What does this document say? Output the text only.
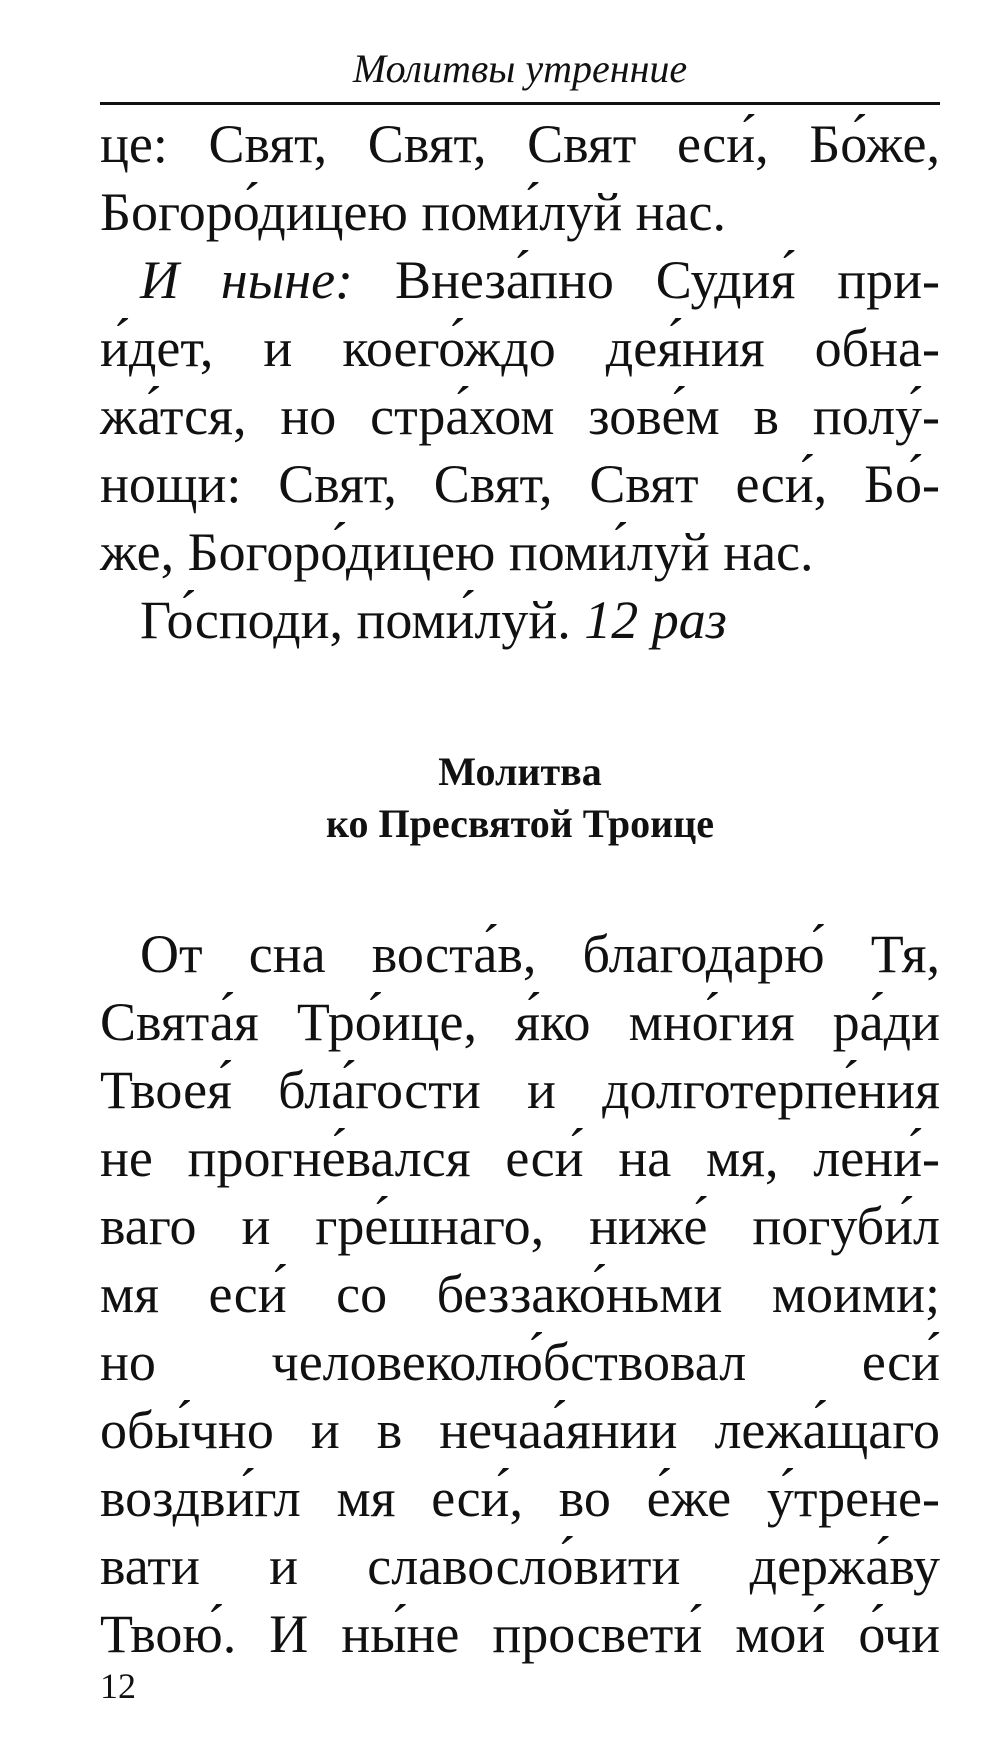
Молитвы утренние

це: Свят, Свят, Свят еси́, Бо́же,
Богоро́дицею поми́луй нас.

И ныне: Внеза́пно Судия́ при-
и́дет, и коего́ждо дея́ния обна-
жа́тся, но стра́хом зове́м в полу́-
нощи: Свят, Свят, Свят еси́, Бо́-
же, Богоро́дицею поми́луй нас.

Го́споди, поми́луй. 12 раз

Молитва
ко Пресвятой Троице

От сна воста́в, благодарю́ Тя,
Свята́я Тро́ице, я́ко мно́гия ра́ди
Твоея́ бла́гости и долготерпе́ния
не прогне́вался еси́ на мя, лени́-
ваго и гре́шнаго, ниже́ погуби́л
мя еси́ со беззако́ньми моими;
но человеколю́бствовал еси́
обы́чно и в нечаа́янии лежа́щаго
воздви́гл мя еси́, во е́же у́трене-
вати и славосло́вити держа́ву
Твою́. И ны́не просвети́ мои́ о́чи

12
